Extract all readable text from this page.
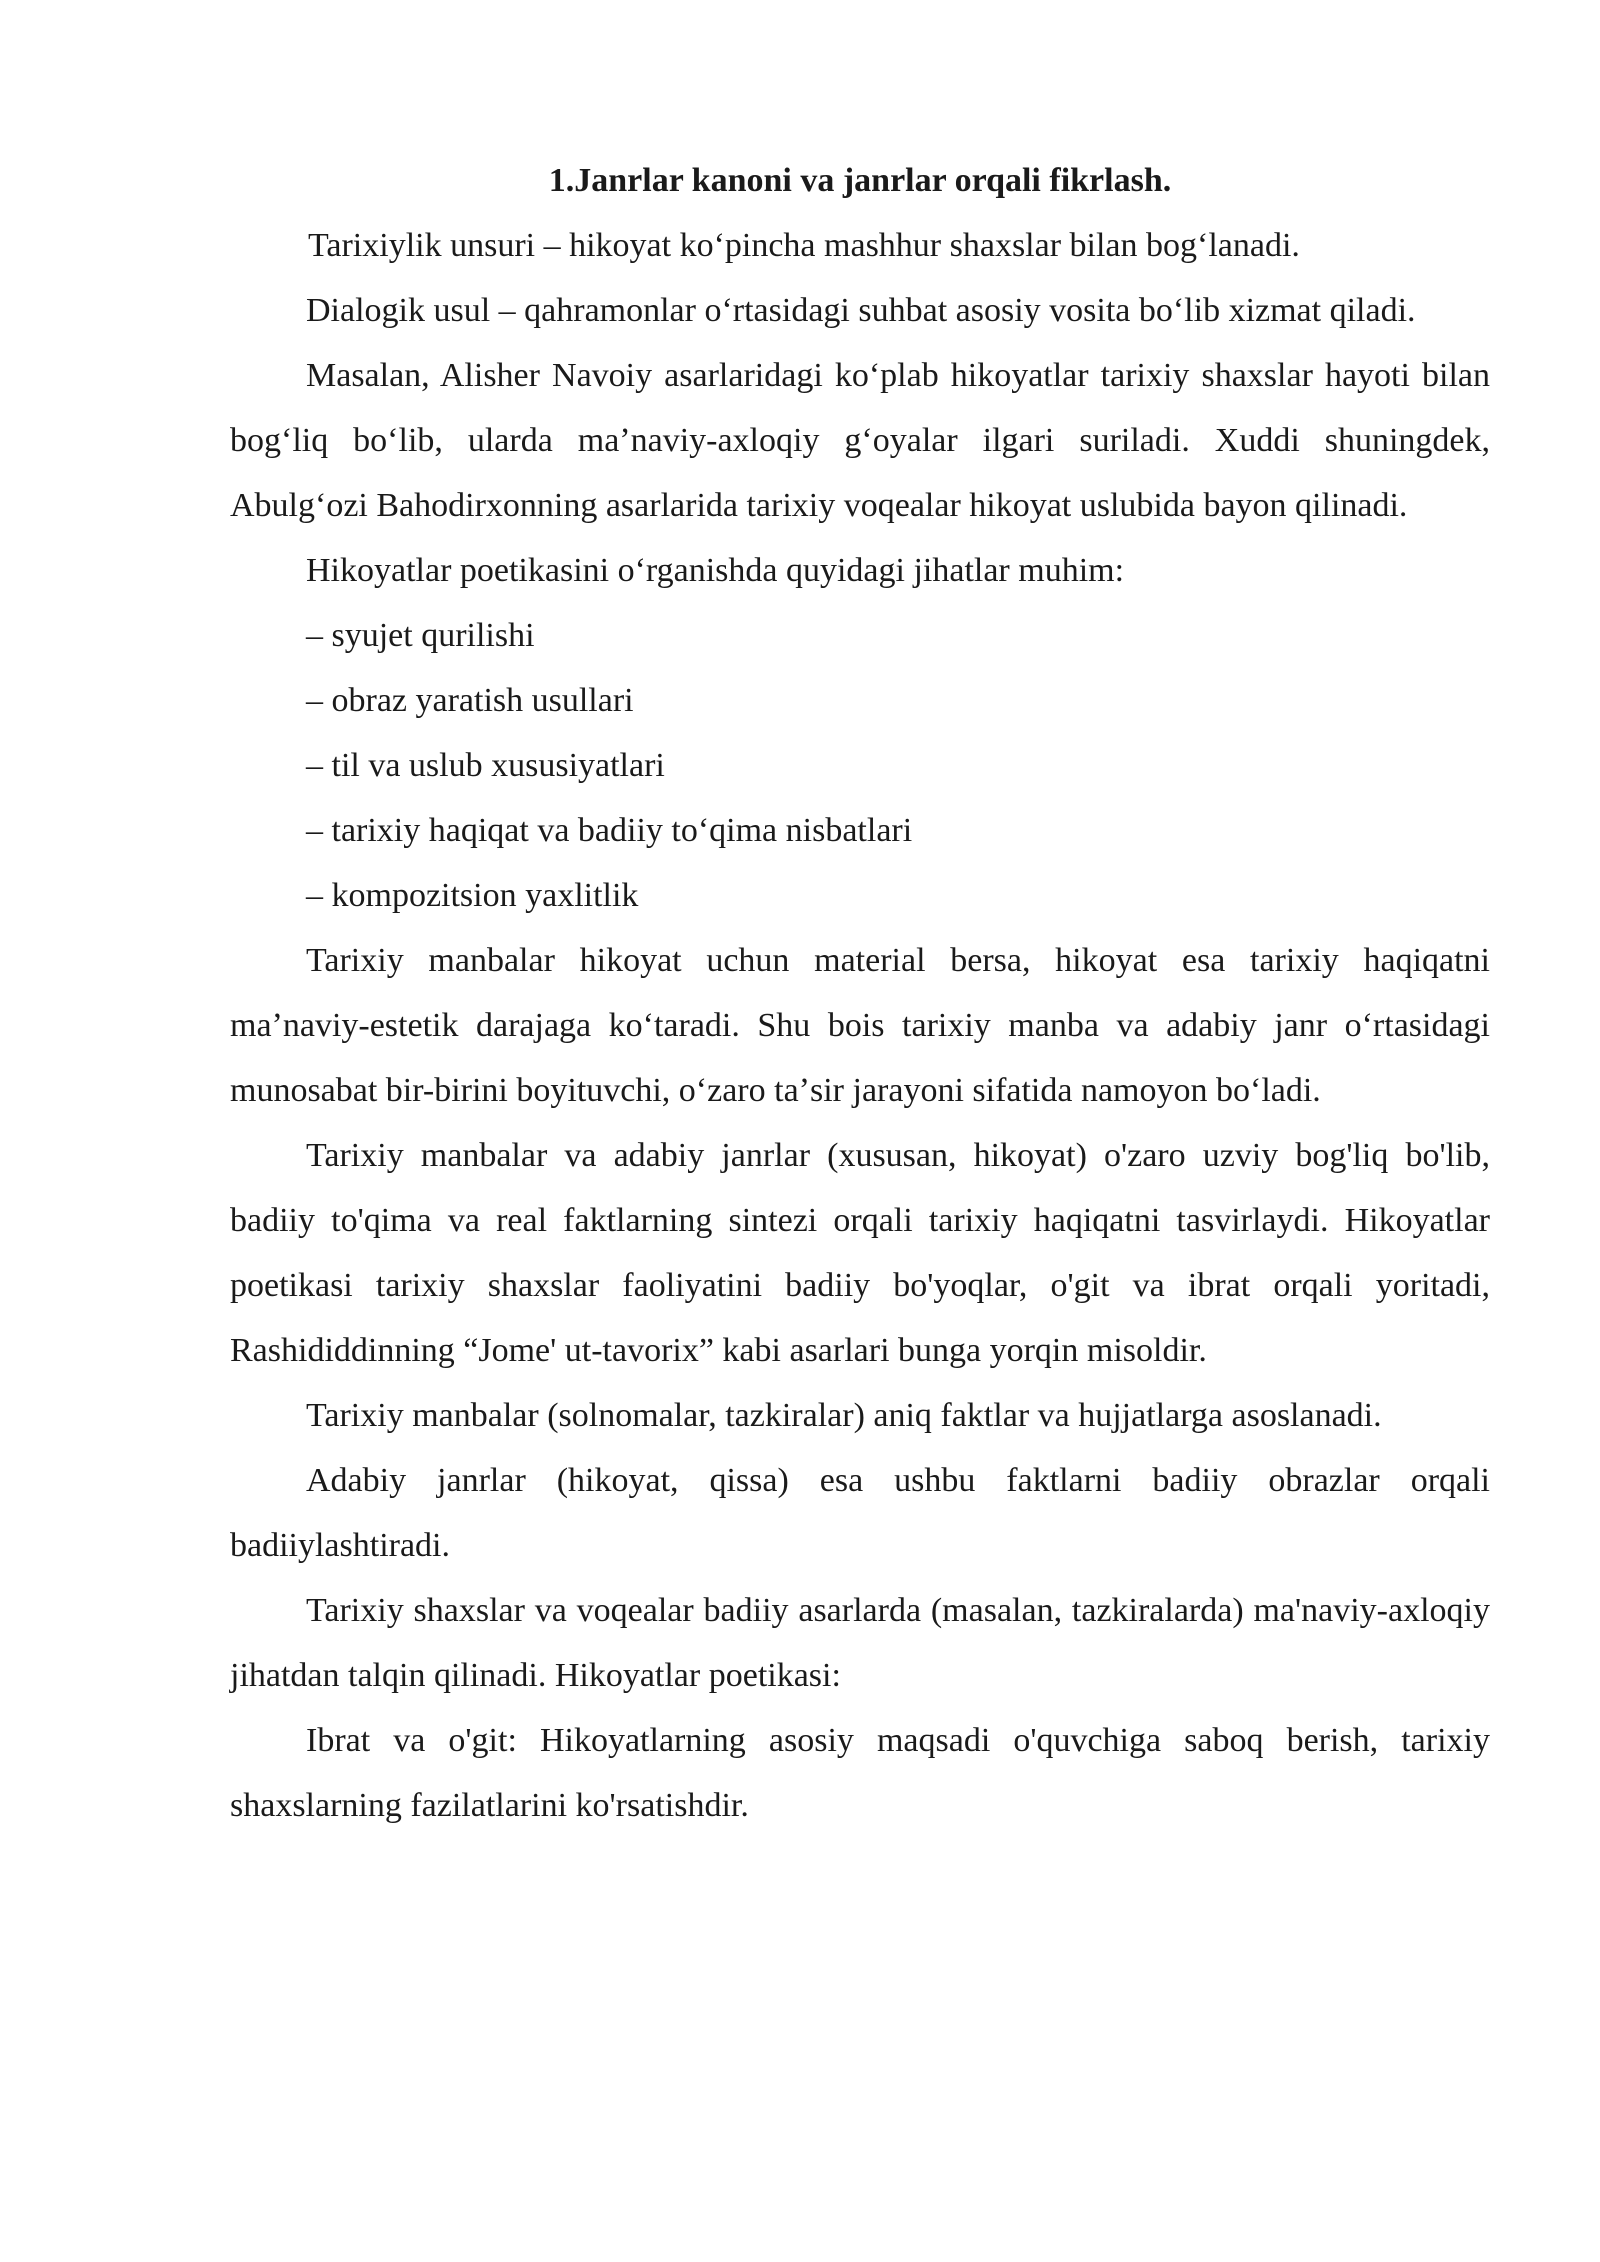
1.Janrlar kanoni va janrlar orqali fikrlash.

Tarixiylik unsuri – hikoyat koʻpincha mashhur shaxslar bilan bogʻlanadi.

Dialogik usul – qahramonlar oʻrtasidagi suhbat asosiy vosita boʻlib xizmat qiladi.

Masalan, Alisher Navoiy asarlaridagi koʻplab hikoyatlar tarixiy shaxslar hayoti bilan bogʻliq boʻlib, ularda maʼnaviy-axloqiy gʻoyalar ilgari suriladi. Xuddi shuningdek, Abulgʻozi Bahodirxonning asarlarida tarixiy voqealar hikoyat uslubida bayon qilinadi.

Hikoyatlar poetikasini oʻrganishda quyidagi jihatlar muhim:

– syujet qurilishi

– obraz yaratish usullari

– til va uslub xususiyatlari

– tarixiy haqiqat va badiiy toʻqima nisbatlari

– kompozitsion yaxlitlik

Tarixiy manbalar hikoyat uchun material bersa, hikoyat esa tarixiy haqiqatni maʼnaviy-estetik darajaga koʻtaradi. Shu bois tarixiy manba va adabiy janr oʻrtasidagi munosabat bir-birini boyituvchi, oʻzaro taʼsir jarayoni sifatida namoyon boʻladi.

Tarixiy manbalar va adabiy janrlar (xususan, hikoyat) o'zaro uzviy bog'liq bo'lib, badiiy to'qima va real faktlarning sintezi orqali tarixiy haqiqatni tasvirlaydi. Hikoyatlar poetikasi tarixiy shaxslar faoliyatini badiiy bo'yoqlar, o'git va ibrat orqali yoritadi, Rashididdinning “Jome' ut-tavorix” kabi asarlari bunga yorqin misoldir.

Tarixiy manbalar (solnomalar, tazkiralar) aniq faktlar va hujjatlarga asoslanadi.

Adabiy janrlar (hikoyat, qissa) esa ushbu faktlarni badiiy obrazlar orqali badiiylashtiradi.

Tarixiy shaxslar va voqealar badiiy asarlarda (masalan, tazkiralarda) ma'naviy-axloqiy jihatdan talqin qilinadi. Hikoyatlar poetikasi:

Ibrat va o'git: Hikoyatlarning asosiy maqsadi o'quvchiga saboq berish, tarixiy shaxslarning fazilatlarini ko'rsatishdir.
